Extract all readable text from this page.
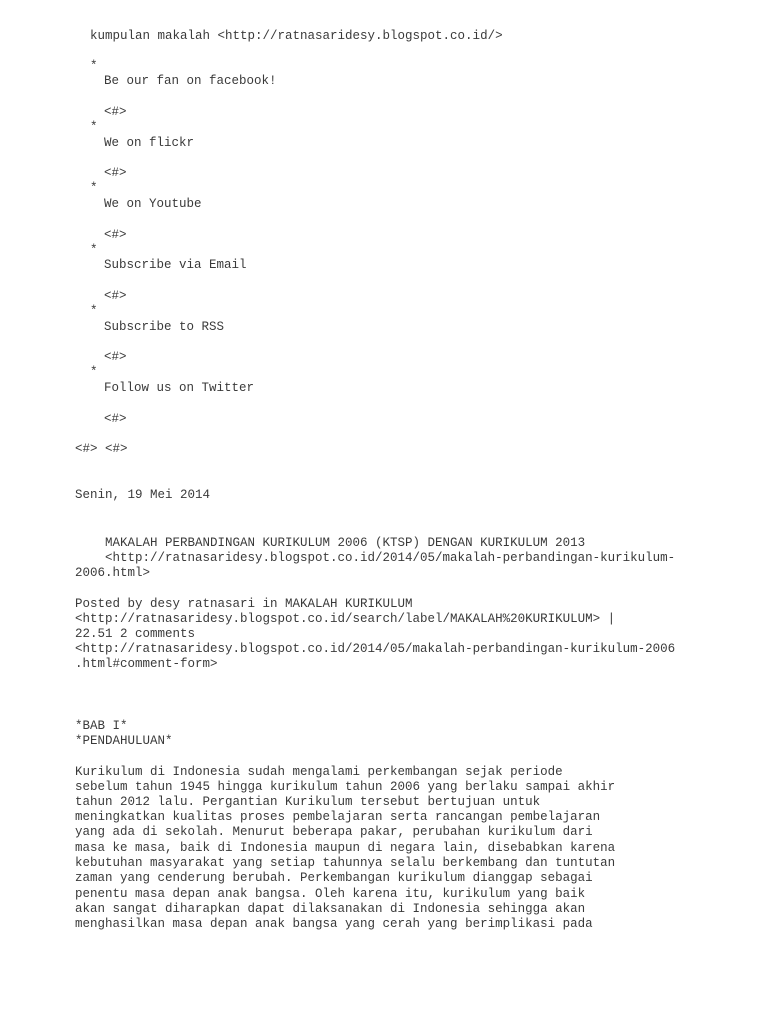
kumpulan makalah <http://ratnasaridesy.blogspot.co.id/>
*
Be our fan on facebook!
<#>
*
We on flickr
<#>
*
We on Youtube
<#>
*
Subscribe via Email
<#>
*
Subscribe to RSS
<#>
*
Follow us on Twitter
<#>
<#> <#>
Senin, 19 Mei 2014
MAKALAH PERBANDINGAN KURIKULUM 2006 (KTSP) DENGAN KURIKULUM 2013
<http://ratnasaridesy.blogspot.co.id/2014/05/makalah-perbandingan-kurikulum-
2006.html>
Posted by desy ratnasari in MAKALAH KURIKULUM
<http://ratnasaridesy.blogspot.co.id/search/label/MAKALAH%20KURIKULUM> |
22.51 2 comments
<http://ratnasaridesy.blogspot.co.id/2014/05/makalah-perbandingan-kurikulum-2006
.html#comment-form>
*BAB I*
*PENDAHULUAN*
Kurikulum di Indonesia sudah mengalami perkembangan sejak periode
sebelum tahun 1945 hingga kurikulum tahun 2006 yang berlaku sampai akhir
tahun 2012 lalu. Pergantian Kurikulum tersebut bertujuan untuk
meningkatkan kualitas proses pembelajaran serta rancangan pembelajaran
yang ada di sekolah. Menurut beberapa pakar, perubahan kurikulum dari
masa ke masa, baik di Indonesia maupun di negara lain, disebabkan karena
kebutuhan masyarakat yang setiap tahunnya selalu berkembang dan tuntutan
zaman yang cenderung berubah. Perkembangan kurikulum dianggap sebagai
penentu masa depan anak bangsa. Oleh karena itu, kurikulum yang baik
akan sangat diharapkan dapat dilaksanakan di Indonesia sehingga akan
menghasilkan masa depan anak bangsa yang cerah yang berimplikasi pada
